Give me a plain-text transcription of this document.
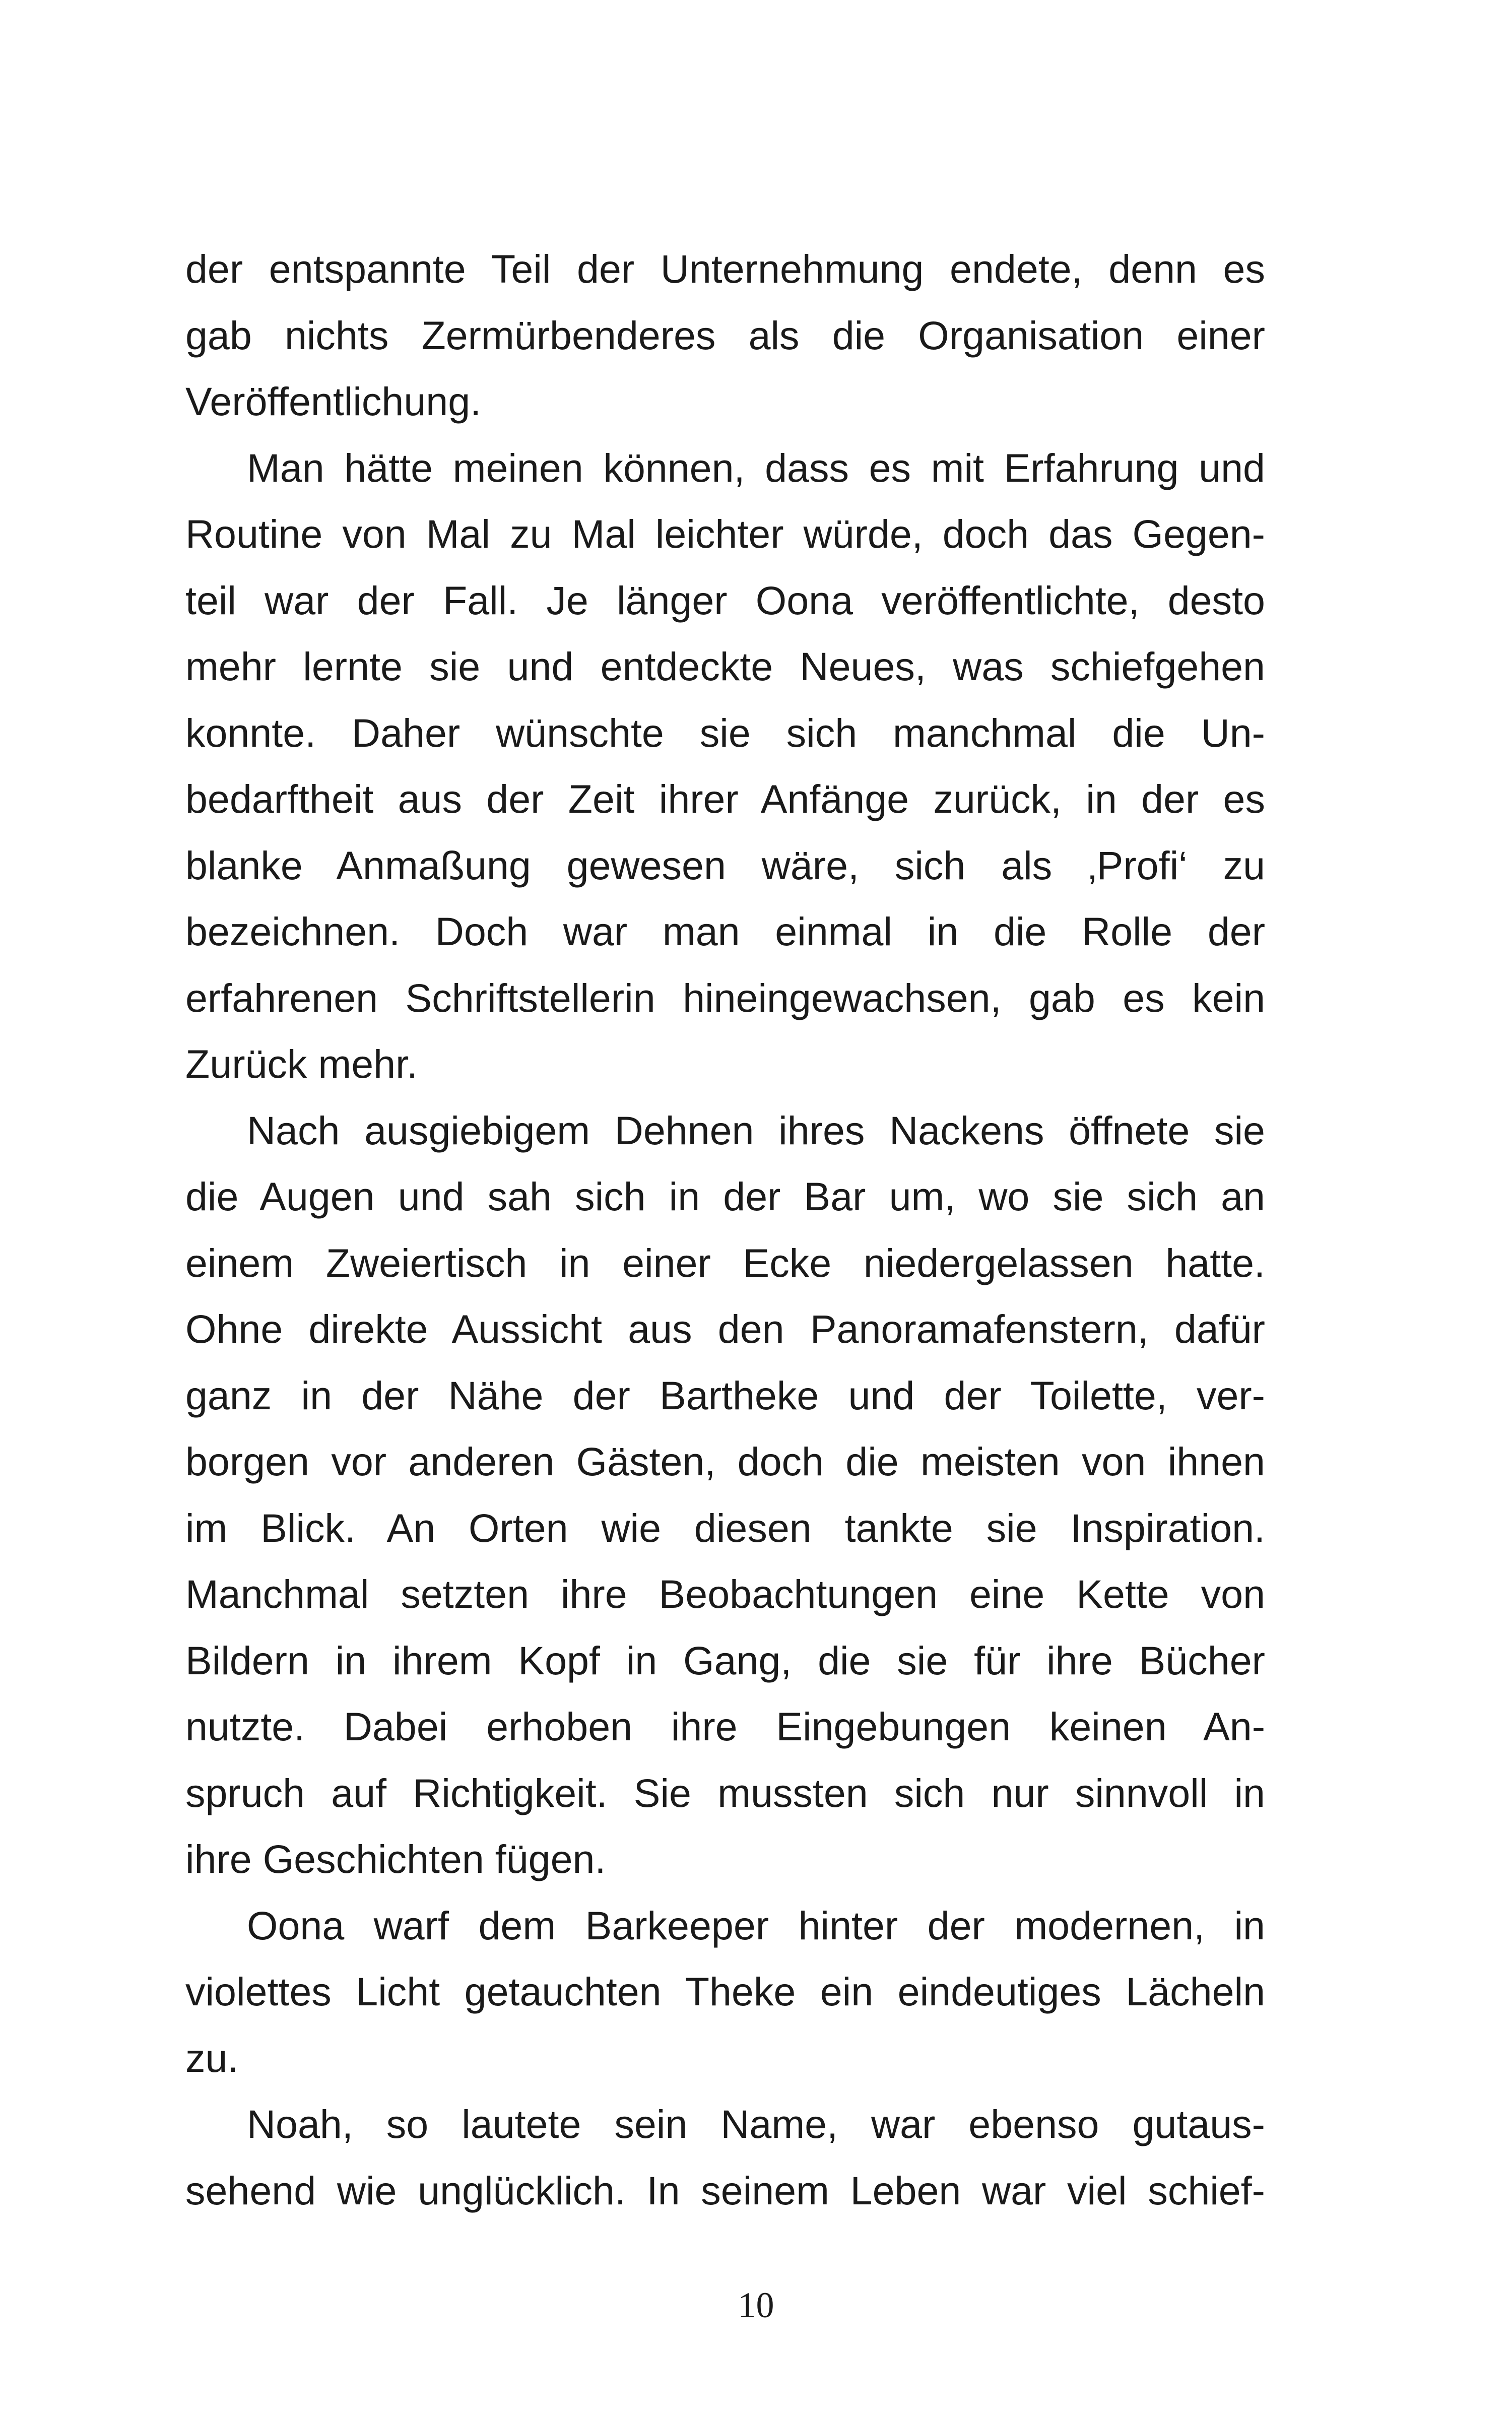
der entspannte Teil der Unternehmung endete, denn es
gab nichts Zermürbenderes als die Organisation einer
Veröffentlichung.
Man hätte meinen können, dass es mit Erfahrung und
Routine von Mal zu Mal leichter würde, doch das Gegen-
teil war der Fall. Je länger Oona veröffentlichte, desto
mehr lernte sie und entdeckte Neues, was schiefgehen
konnte. Daher wünschte sie sich manchmal die Un-
bedarftheit aus der Zeit ihrer Anfänge zurück, in der es
blanke Anmaßung gewesen wäre, sich als ‚Profi‘ zu
bezeichnen. Doch war man einmal in die Rolle der
erfahrenen Schriftstellerin hineingewachsen, gab es kein
Zurück mehr.
Nach ausgiebigem Dehnen ihres Nackens öffnete sie
die Augen und sah sich in der Bar um, wo sie sich an
einem Zweiertisch in einer Ecke niedergelassen hatte.
Ohne direkte Aussicht aus den Panoramafenstern, dafür
ganz in der Nähe der Bartheke und der Toilette, ver-
borgen vor anderen Gästen, doch die meisten von ihnen
im Blick. An Orten wie diesen tankte sie Inspiration.
Manchmal setzten ihre Beobachtungen eine Kette von
Bildern in ihrem Kopf in Gang, die sie für ihre Bücher
nutzte. Dabei erhoben ihre Eingebungen keinen An-
spruch auf Richtigkeit. Sie mussten sich nur sinnvoll in
ihre Geschichten fügen.
Oona warf dem Barkeeper hinter der modernen, in
violettes Licht getauchten Theke ein eindeutiges Lächeln
zu.
Noah, so lautete sein Name, war ebenso gutaus-
sehend wie unglücklich. In seinem Leben war viel schief-
10
